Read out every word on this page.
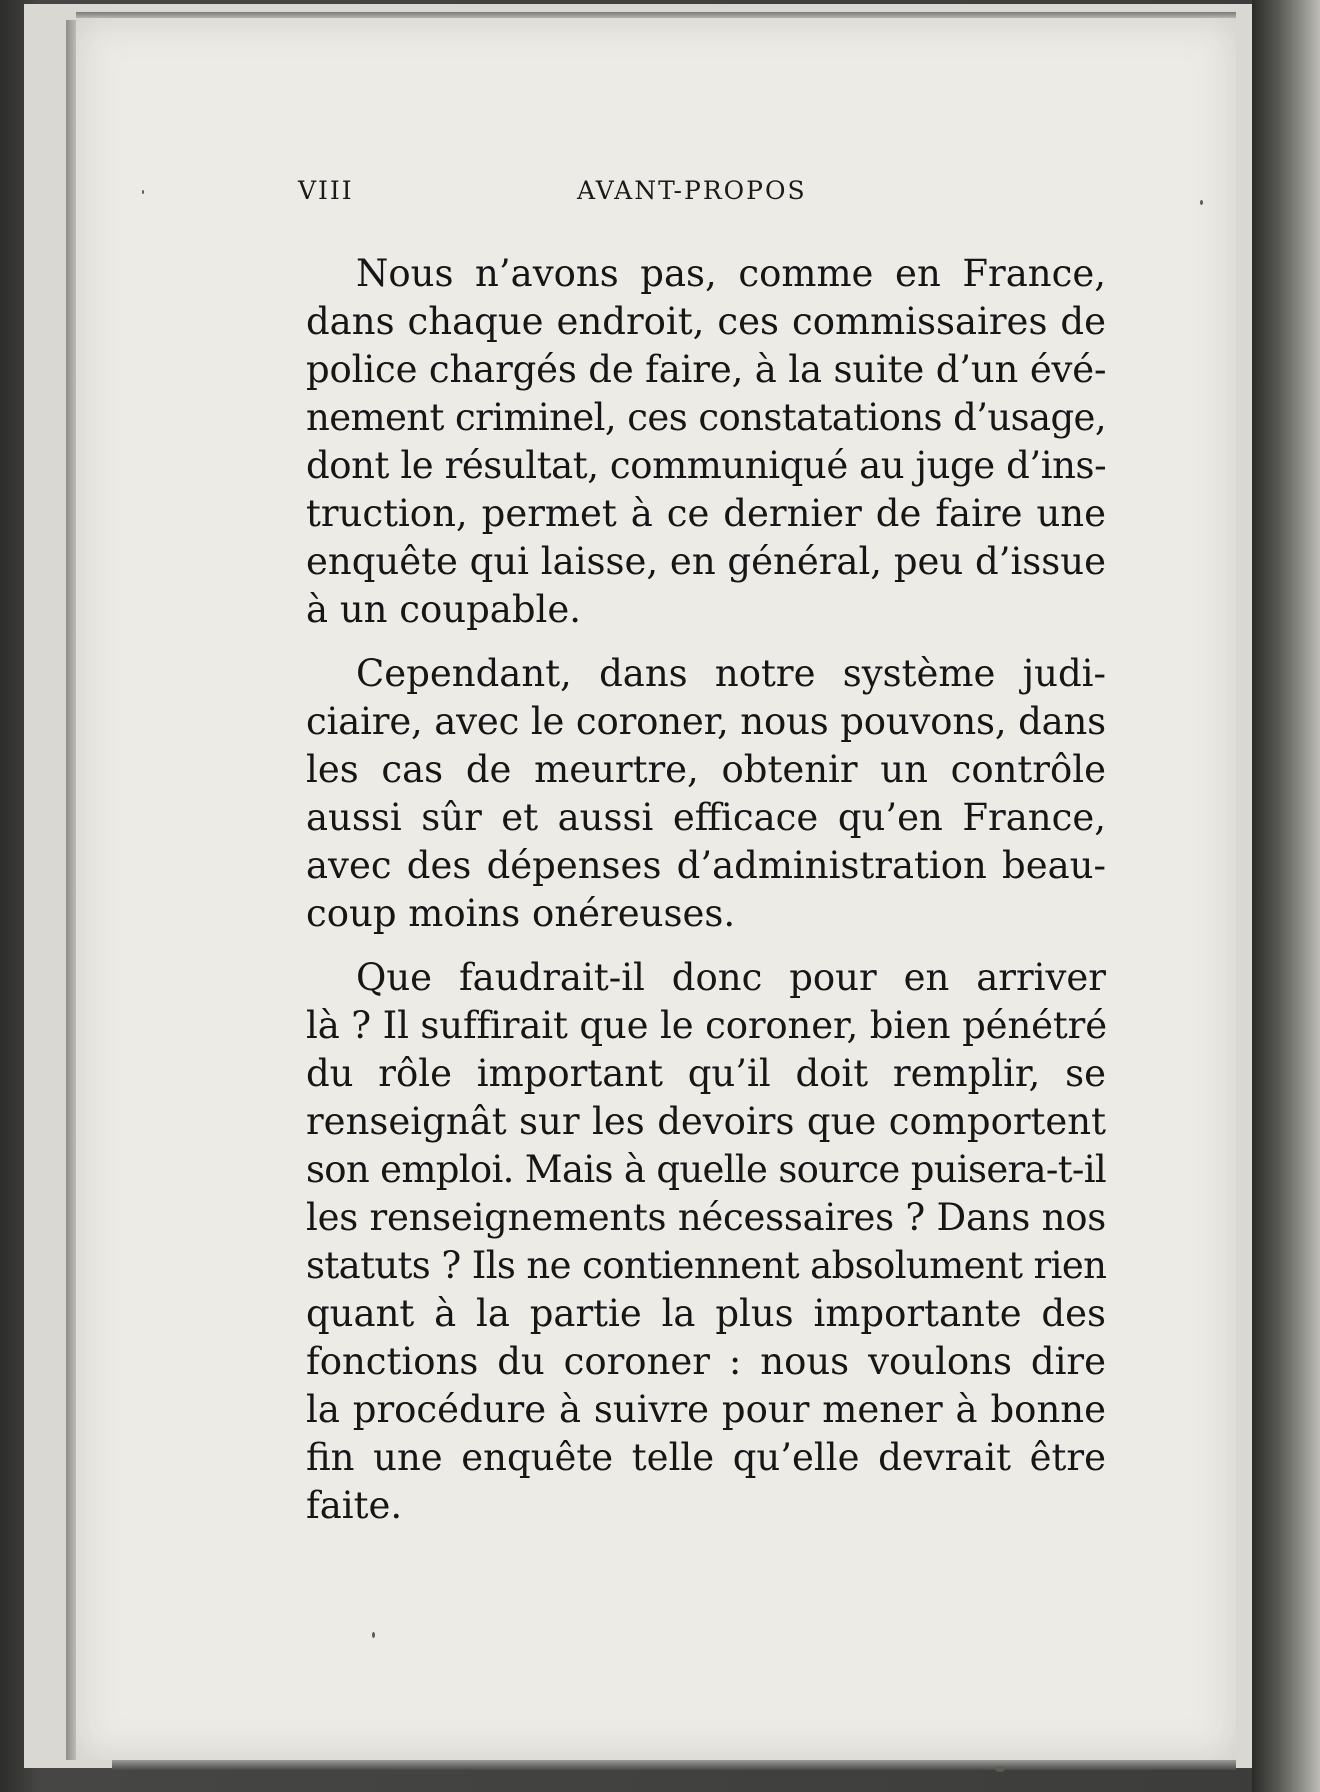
VIII	AVANT-PROPOS
Nous n’avons pas, comme en France,
dans chaque endroit, ces commissaires de
police chargés de faire, à la suite d’un évé-
nement criminel, ces constatations d’usage,
dont le résultat, communiqué au juge d’ins-
truction, permet à ce dernier de faire une
enquête qui laisse, en général, peu d’issue
à un coupable.
Cependant, dans notre système judi-
ciaire, avec le coroner, nous pouvons, dans
les cas de meurtre, obtenir un contrôle
aussi sûr et aussi efficace qu’en France,
avec des dépenses d’administration beau-
coup moins onéreuses.
Que faudrait-il donc pour en arriver
là ? Il suffirait que le coroner, bien pénétré
du rôle important qu’il doit remplir, se
renseignât sur les devoirs que comportent
son emploi. Mais à quelle source puisera-t-il
les renseignements nécessaires ? Dans nos
statuts ? Ils ne contiennent absolument rien
quant à la partie la plus importante des
fonctions du coroner : nous voulons dire
la procédure à suivre pour mener à bonne
fin une enquête telle qu’elle devrait être
faite.
